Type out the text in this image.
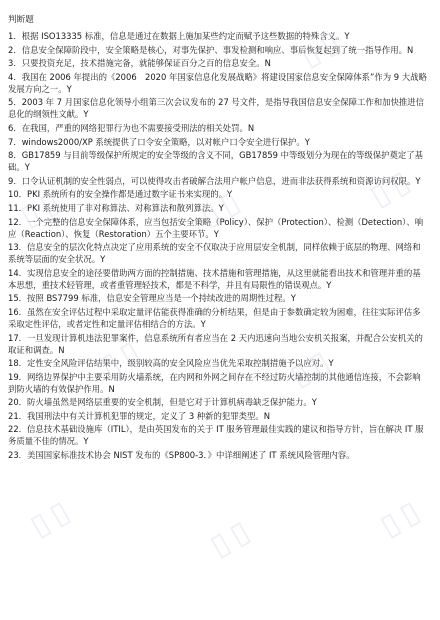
判断题
1．根据 ISO13335 标准，信息是通过在数据上施加某些约定而赋予这些数据的特殊含义。Y
2．信息安全保障阶段中，安全策略是核心，对事先保护、事发检测和响应、事后恢复起到了统一指导作用。N
3．只要投资充足，技术措施完备，就能够保证百分之百的信息安全。N
4．我国在 2006 年提出的《2006　2020 年国家信息化发展战略》将建设国家信息安全保障体系”作为 9 大战略发展方向之一。Y
5．2003 年 7 月国家信息化领导小组第三次会议发布的 27 号文件，是指导我国信息安全保障工作和加快推进信息化的纲领性文献。Y
6．在我国，严重的网络犯罪行为也不需要接受刑法的相关处罚。N
7．windows2000/XP 系统提供了口令安全策略，以对帐户口令安全进行保护。Y
8．GB17859 与目前等级保护所规定的安全等级的含义不同，GB17859 中等级划分为现在的等级保护奠定了基础。Y
9．口令认证机制的安全性弱点，可以使得攻击者破解合法用户帐户信息，进而非法获得系统和资源访问权限。Y
10．PKI 系统所有的安全操作都是通过数字证书来实现的。Y
11．PKI 系统使用了非对称算法、对称算法和散列算法。Y
12．一个完整的信息安全保障体系，应当包括安全策略（Policy）、保护（Protection）、检测（Detection）、响应（Reaction）、恢复（Restoration）五个主要环节。Y
13．信息安全的层次化特点决定了应用系统的安全不仅取决于应用层安全机制，同样依赖于底层的物理、网络和系统等层面的安全状况。Y
14．实现信息安全的途径要借助两方面的控制措施、技术措施和管理措施，从这里就能看出技术和管理并重的基本思想，重技术轻管理，或者重管理轻技术，都是不科学，并且有局限性的错误观点。Y
15．按照 BS7799 标准，信息安全管理应当是一个持续改进的周期性过程。Y
16．虽然在安全评估过程中采取定量评估能获得准确的分析结果，但是由于参数确定较为困难，往往实际评估多采取定性评估，或者定性和定量评估相结合的方法。Y
17．一旦发现计算机违法犯罪案件，信息系统所有者应当在 2 天内迅速向当地公安机关报案，并配合公安机关的取证和调查。N
18．定性安全风险评估结果中，级别较高的安全风险应当优先采取控制措施予以应对。Y
19．网络边界保护中主要采用防火墙系统，在内网和外网之间存在不经过防火墙控制的其他通信连接，不会影响到防火墙的有效保护作用。N
20．防火墙虽然是网络层重要的安全机制，但是它对于计算机病毒缺乏保护能力。Y
21．我国刑法中有关计算机犯罪的规定，定义了 3 种新的犯罪类型。N
22．信息技术基础设施库（ITIL），是由英国发布的关于 IT 服务管理最佳实践的建议和指导方针，旨在解决 IT 服务质量不佳的情况。Y
23．美国国家标准技术协会 NIST 发布的《SP800-3．》中详细阐述了 IT 系统风险管理内容。
▯▯
▯▯	▯▯	▯▯
▯▯	▯▯
▯▯	▯▯	▯▯
